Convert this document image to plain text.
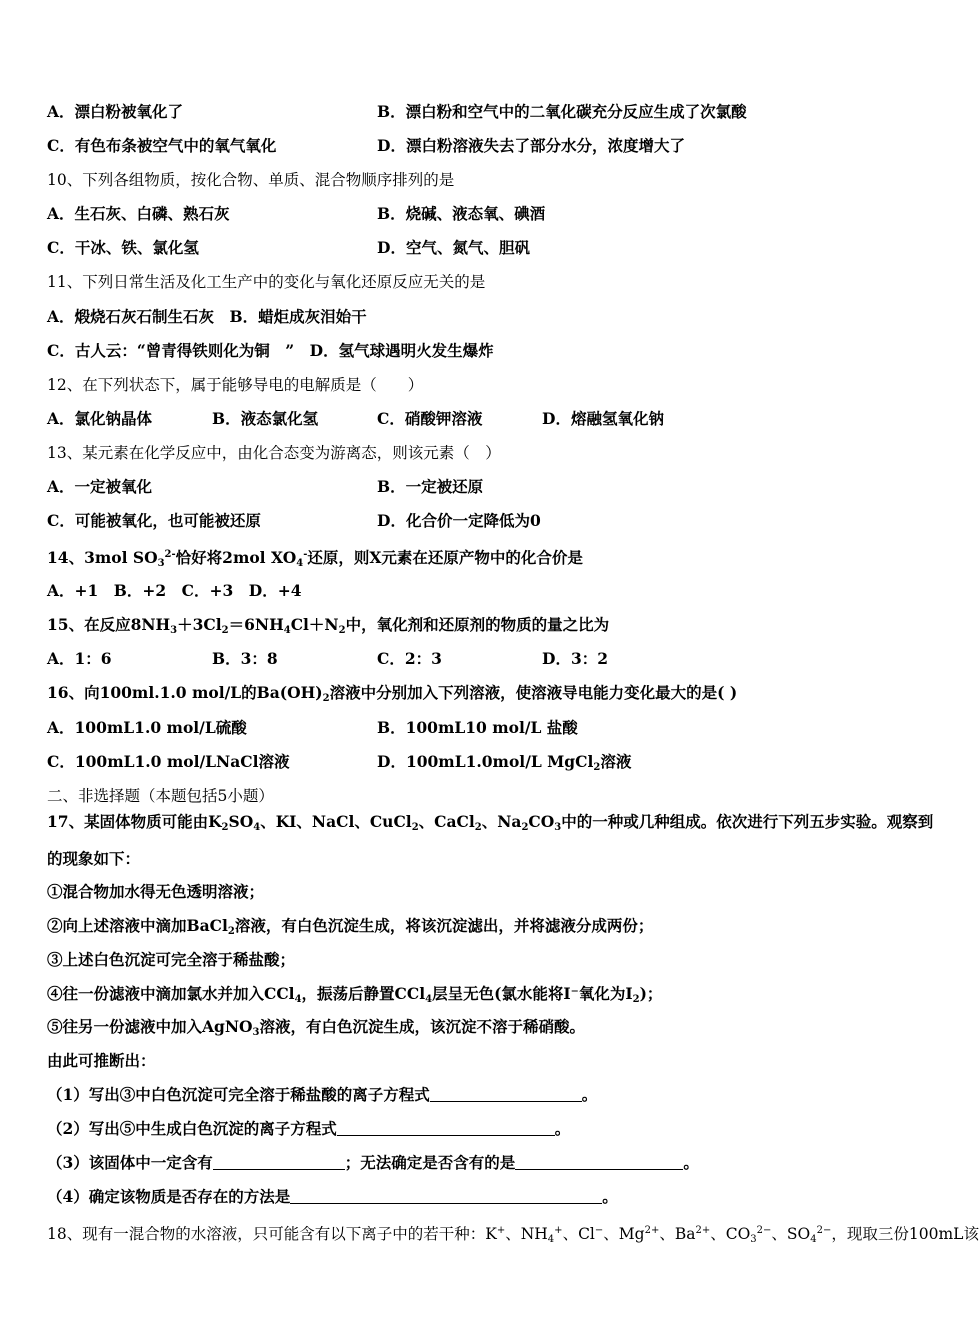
A．漂白粉被氧化了	B．漂白粉和空气中的二氧化碳充分反应生成了次氯酸
C．有色布条被空气中的氧气氧化	D．漂白粉溶液失去了部分水分，浓度增大了
10、下列各组物质，按化合物、单质、混合物顺序排列的是
A．生石灰、白磷、熟石灰	B．烧碱、液态氧、碘酒
C．干冰、铁、氯化氢	D．空气、氮气、胆矾
11、下列日常生活及化工生产中的变化与氧化还原反应无关的是
A．煅烧石灰石制生石灰　B．蜡炬成灰泪始干
C．古人云：“曾青得铁则化为铜　”　D．氢气球遇明火发生爆炸
12、在下列状态下，属于能够导电的电解质是（　　）
A．氯化钠晶体	B．液态氯化氢	C．硝酸钾溶液	D．熔融氢氧化钠
13、某元素在化学反应中，由化合态变为游离态，则该元素（　）
A．一定被氧化	B．一定被还原
C．可能被氧化，也可能被还原	D．化合价一定降低为0
14、3mol $SO_3^{2-}$恰好将2mol $XO_4^-$还原，则X元素在还原产物中的化合价是
A．+1　B．+2　C．+3　D．+4
15、在反应$8NH_3+3Cl_2=6NH_4Cl+N_2$中，氧化剂和还原剂的物质的量之比为
A．1：6	B．3：8	C．2：3	D．3：2
16、向100ml.1.0 mol/L的$Ba(OH)_2$溶液中分别加入下列溶液，使溶液导电能力变化最大的是( )
A．100mL1.0 mol/L硫酸	B．100mL10 mol/L 盐酸
C．100mL1.0 mol/LNaCl溶液	D．100mL1.0mol/L MgCl$_2$溶液
二、非选择题（本题包括5小题）
17、某固体物质可能由$K_2SO_4$、KI、NaCl、CuCl$_2$、CaCl$_2$、$Na_2CO_3$中的一种或几种组成。依次进行下列五步实验。观察到
的现象如下：
①混合物加水得无色透明溶液；
②向上述溶液中滴加BaCl$_2$溶液，有白色沉淀生成，将该沉淀滤出，并将滤液分成两份；
③上述白色沉淀可完全溶于稀盐酸；
④往一份滤液中滴加氯水并加入CCl$_4$，振荡后静置CCl$_4$层呈无色(氯水能将I⁻氧化为$I_2$)；
⑤往另一份滤液中加入AgNO$_3$溶液，有白色沉淀生成，该沉淀不溶于稀硝酸。
由此可推断出：
（1）写出③中白色沉淀可完全溶于稀盐酸的离子方程式	。
（2）写出⑤中生成白色沉淀的离子方程式	。
（3）该固体中一定含有	；无法确定是否含有的是	。
（4）确定该物质是否存在的方法是	。
18、现有一混合物的水溶液，只可能含有以下离子中的若干种：K+、$NH_4^+$、Cl−、$Mg^{2+}$、$Ba^{2+}$、$CO_3^{2-}$、$SO_4^{2-}$，现取三份100mL该
